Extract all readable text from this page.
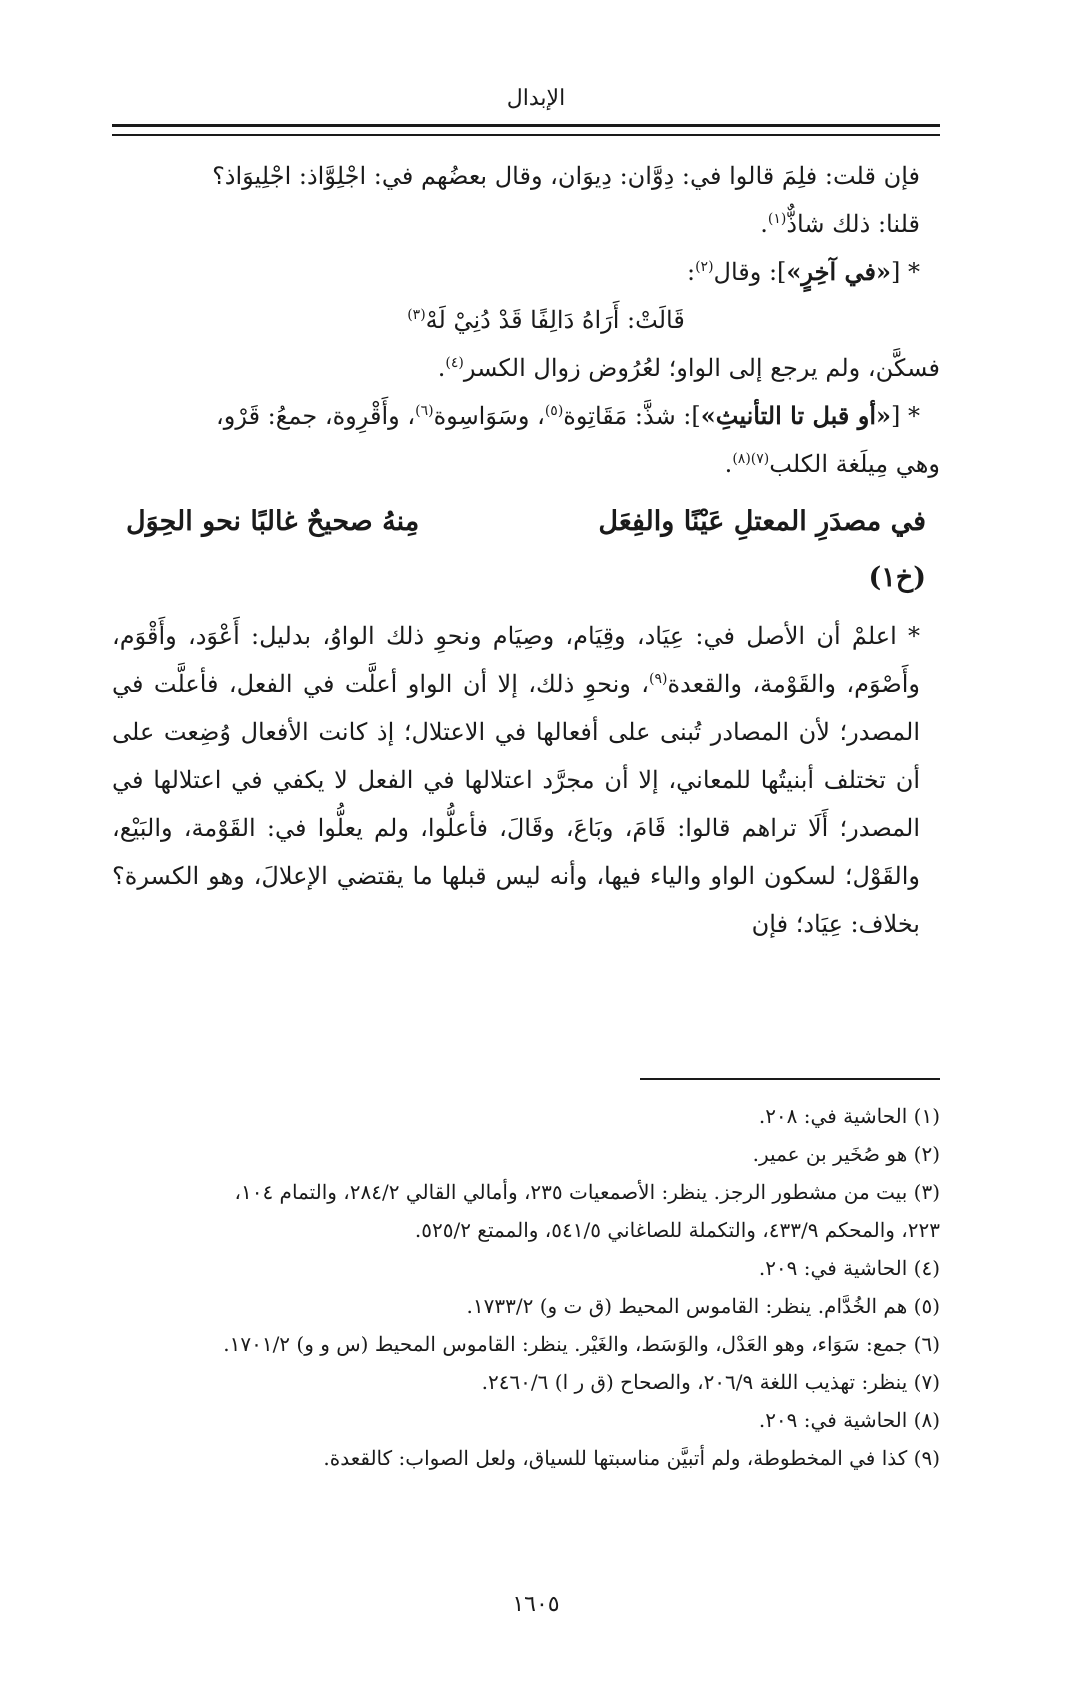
الإبدال

فإن قلت: فلِمَ قالوا في: دِوَّان: دِيوَان، وقال بعضُهم في: اجْلِوَّاذ: اجْلِيوَاذ؟

قلنا: ذلك شاذٌّ$^{(١)}$.

* [«في آخِرٍ»]: وقال$^{(٢)}$:

قَالَتْ: أَرَاهُ دَالِفًا قَدْ دُنِيْ لَهْ$^{(٣)}$

فسكَّن، ولم يرجع إلى الواو؛ لعُرُوض زوال الكسر$^{(٤)}$.

* [«أو قبل تا التأنيثِ»]: شذَّ: مَقَاتِوة$^{(٥)}$، وسَوَاسِوة$^{(٦)}$، وأَقْرِوة، جمعُ: قَرْو،

وهي مِيلَغة الكلب$^{(٧)(٨)}$.

في مصدَرِ المعتلِ عَيْنًا والفِعَل
مِنهُ صحيحٌ غالبًا نحو الحِوَل
(خ١)

* اعلمْ أن الأصل في: عِيَاد، وقِيَام، وصِيَام ونحوِ ذلك الواوُ، بدليل: أَعْوَد، وأَقْوَم، وأَصْوَم، والقَوْمة، والقعدة$^{(٩)}$، ونحوِ ذلك، إلا أن الواو أعلَّت في الفعل، فأعلَّت في المصدر؛ لأن المصادر تُبنى على أفعالها في الاعتلال؛ إذ كانت الأفعال وُضِعت على أن تختلف أبنيتُها للمعاني، إلا أن مجرَّد اعتلالها في الفعل لا يكفي في اعتلالها في المصدر؛ أَلَا تراهم قالوا: قَامَ، وبَاعَ، وقَالَ، فأعلُّوا، ولم يعلُّوا في: القَوْمة، والبَيْع، والقَوْل؛ لسكون الواو والياء فيها، وأنه ليس قبلها ما يقتضي الإعلالَ، وهو الكسرة؟ بخلاف: عِيَاد؛ فإن

(١) الحاشية في: ٢٠٨.

(٢) هو صُخَير بن عمير.

(٣) بيت من مشطور الرجز. ينظر: الأصمعيات ٢٣٥، وأمالي القالي ٢٨٤/٢، والتمام ١٠٤،

٢٢٣، والمحكم ٤٣٣/٩، والتكملة للصاغاني ٥٤١/٥، والممتع ٥٢٥/٢.

(٤) الحاشية في: ٢٠٩.

(٥) هم الخُدَّام. ينظر: القاموس المحيط (ق ت و) ١٧٣٣/٢.

(٦) جمع: سَوَاء، وهو العَدْل، والوَسَط، والغَيْر. ينظر: القاموس المحيط (س و و) ١٧٠١/٢.

(٧) ينظر: تهذيب اللغة ٢٠٦/٩، والصحاح (ق ر ا) ٢٤٦٠/٦.

(٨) الحاشية في: ٢٠٩.

(٩) كذا في المخطوطة، ولم أتبيَّن مناسبتها للسياق، ولعل الصواب: كالقعدة.

١٦٠٥
